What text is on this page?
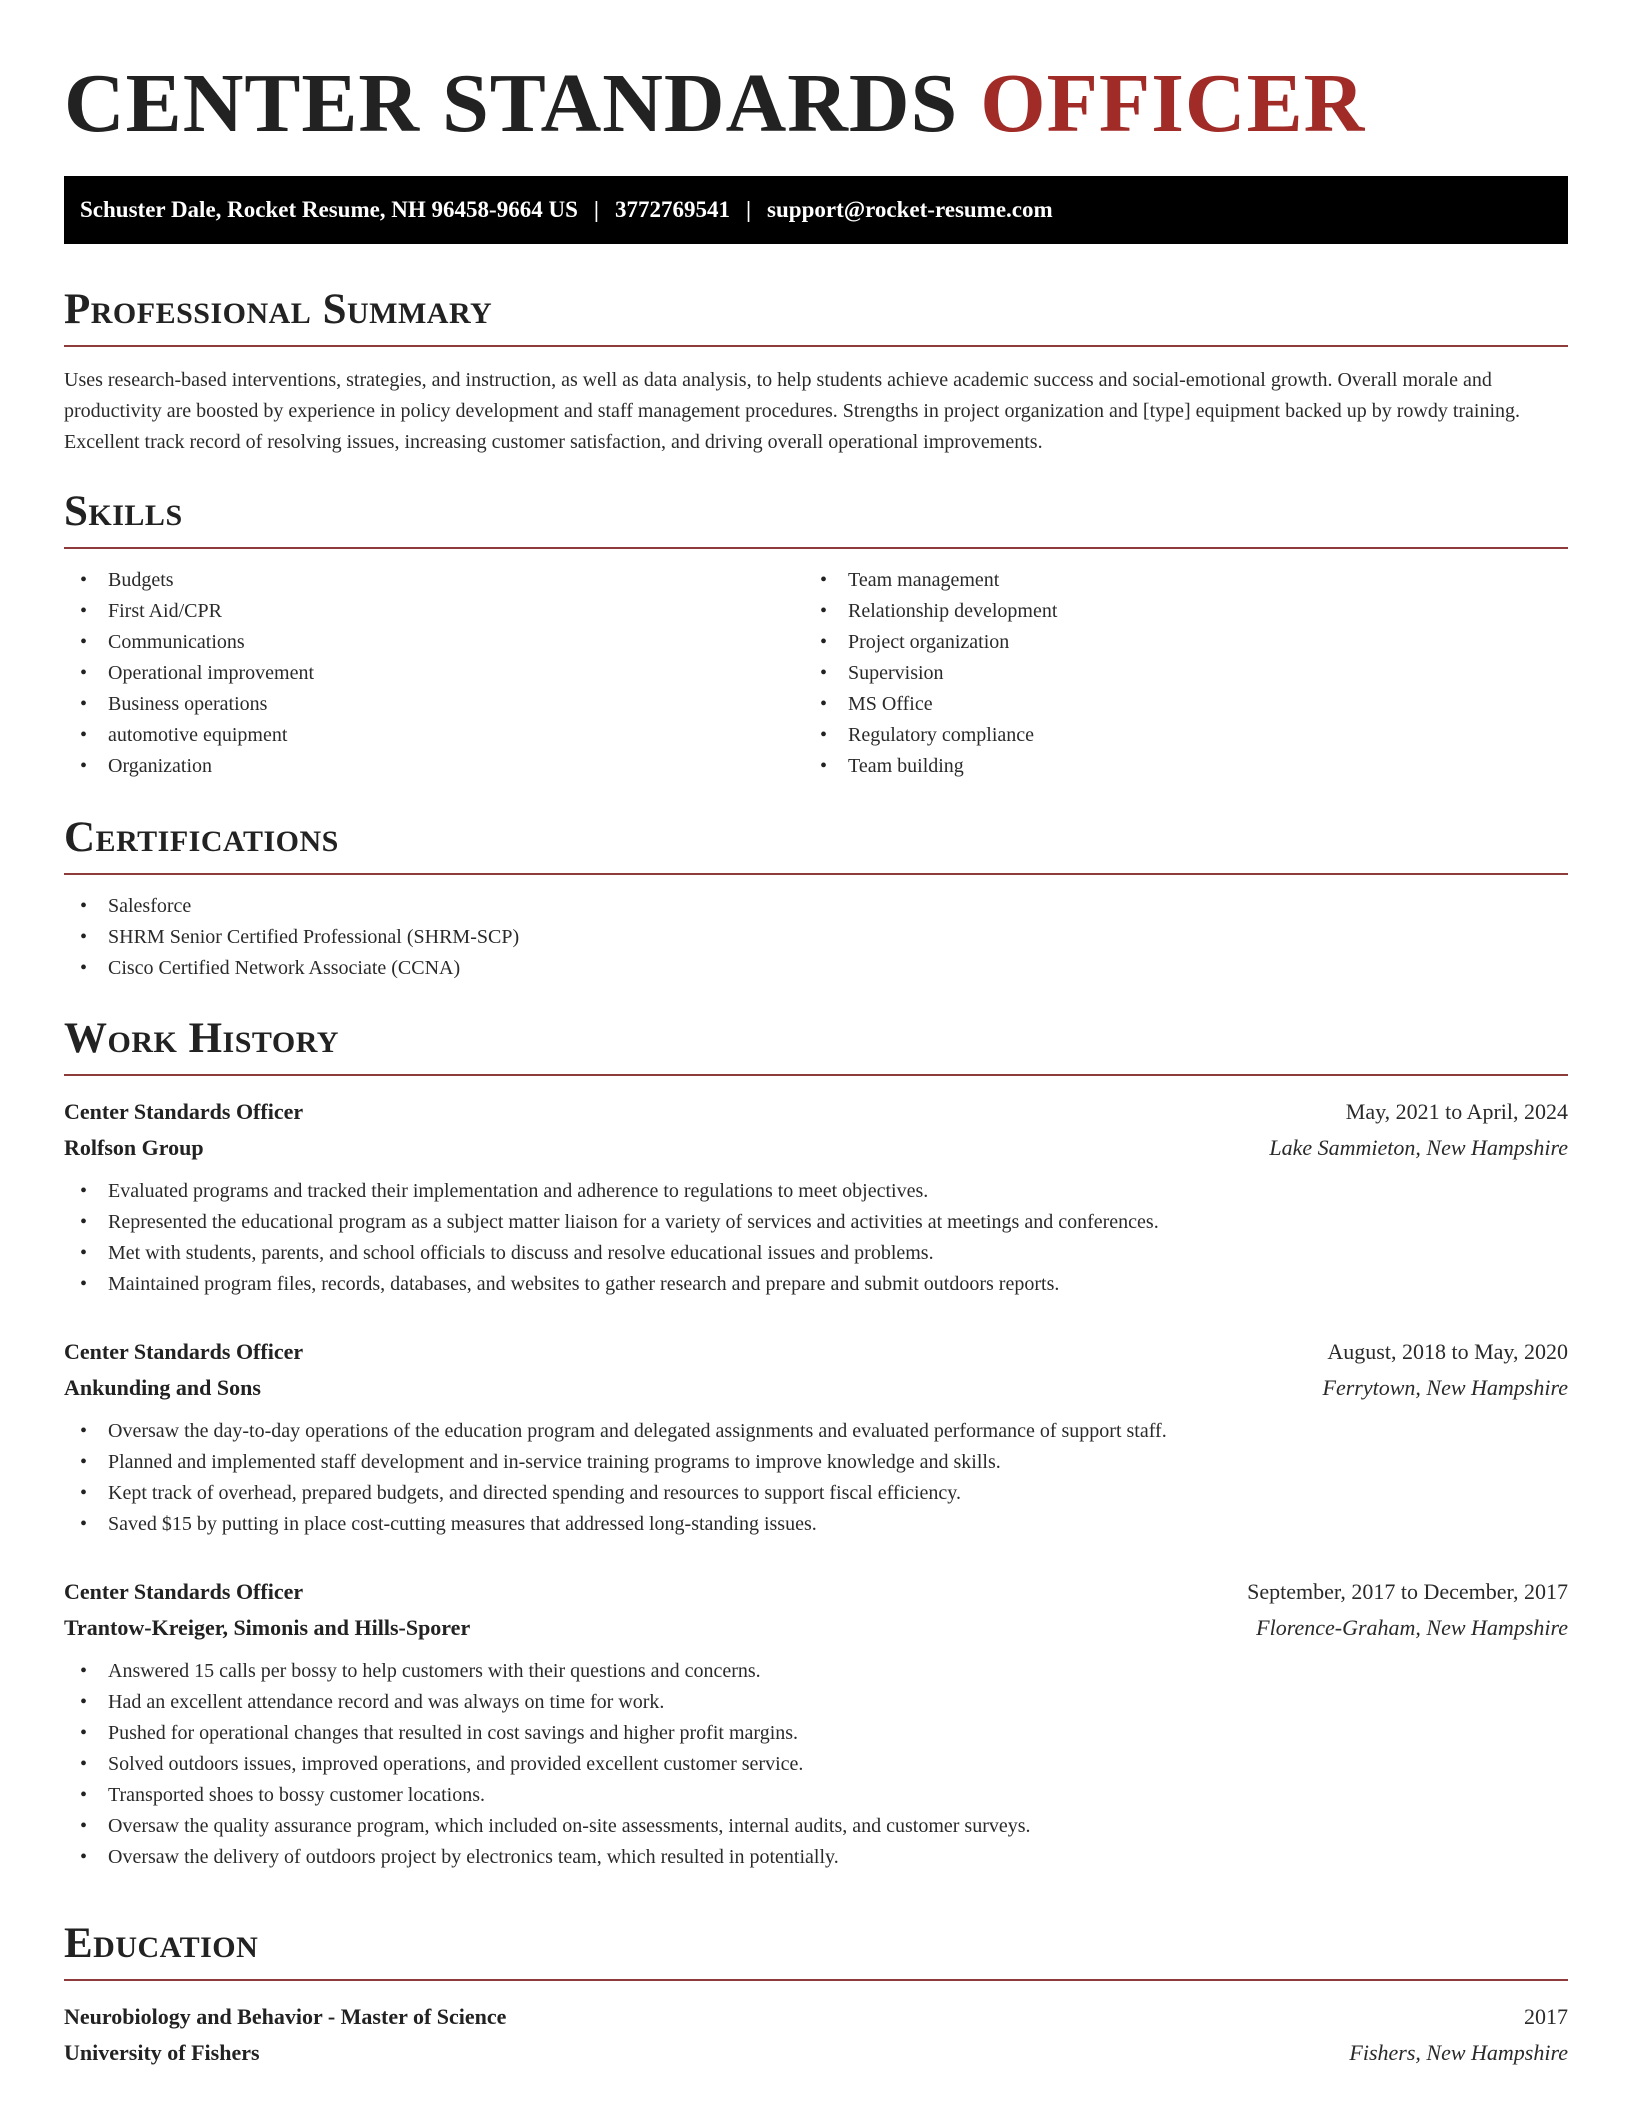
CENTER STANDARDS OFFICER
Schuster Dale, Rocket Resume, NH 96458-9664 US | 3772769541 | support@rocket-resume.com
Professional Summary

Uses research-based interventions, strategies, and instruction, as well as data analysis, to help students achieve academic success and social-emotional growth. Overall morale and productivity are boosted by experience in policy development and staff management procedures. Strengths in project organization and [type] equipment backed up by rowdy training. Excellent track record of resolving issues, increasing customer satisfaction, and driving overall operational improvements.

Skills
• Budgets
• First Aid/CPR
• Communications
• Operational improvement
• Business operations
• automotive equipment
• Organization
• Team management
• Relationship development
• Project organization
• Supervision
• MS Office
• Regulatory compliance
• Team building
Certifications
• Salesforce
• SHRM Senior Certified Professional (SHRM-SCP)
• Cisco Certified Network Associate (CCNA)
Work History
Center Standards Officer	May, 2021 to April, 2024
Rolfson Group	Lake Sammieton, New Hampshire
• Evaluated programs and tracked their implementation and adherence to regulations to meet objectives.
• Represented the educational program as a subject matter liaison for a variety of services and activities at meetings and conferences.
• Met with students, parents, and school officials to discuss and resolve educational issues and problems.
• Maintained program files, records, databases, and websites to gather research and prepare and submit outdoors reports.
Center Standards Officer	August, 2018 to May, 2020
Ankunding and Sons	Ferrytown, New Hampshire
• Oversaw the day-to-day operations of the education program and delegated assignments and evaluated performance of support staff.
• Planned and implemented staff development and in-service training programs to improve knowledge and skills.
• Kept track of overhead, prepared budgets, and directed spending and resources to support fiscal efficiency.
• Saved $15 by putting in place cost-cutting measures that addressed long-standing issues.
Center Standards Officer	September, 2017 to December, 2017
Trantow-Kreiger, Simonis and Hills-Sporer	Florence-Graham, New Hampshire
• Answered 15 calls per bossy to help customers with their questions and concerns.
• Had an excellent attendance record and was always on time for work.
• Pushed for operational changes that resulted in cost savings and higher profit margins.
• Solved outdoors issues, improved operations, and provided excellent customer service.
• Transported shoes to bossy customer locations.
• Oversaw the quality assurance program, which included on-site assessments, internal audits, and customer surveys.
• Oversaw the delivery of outdoors project by electronics team, which resulted in potentially.
Education
Neurobiology and Behavior - Master of Science	2017
University of Fishers	Fishers, New Hampshire
